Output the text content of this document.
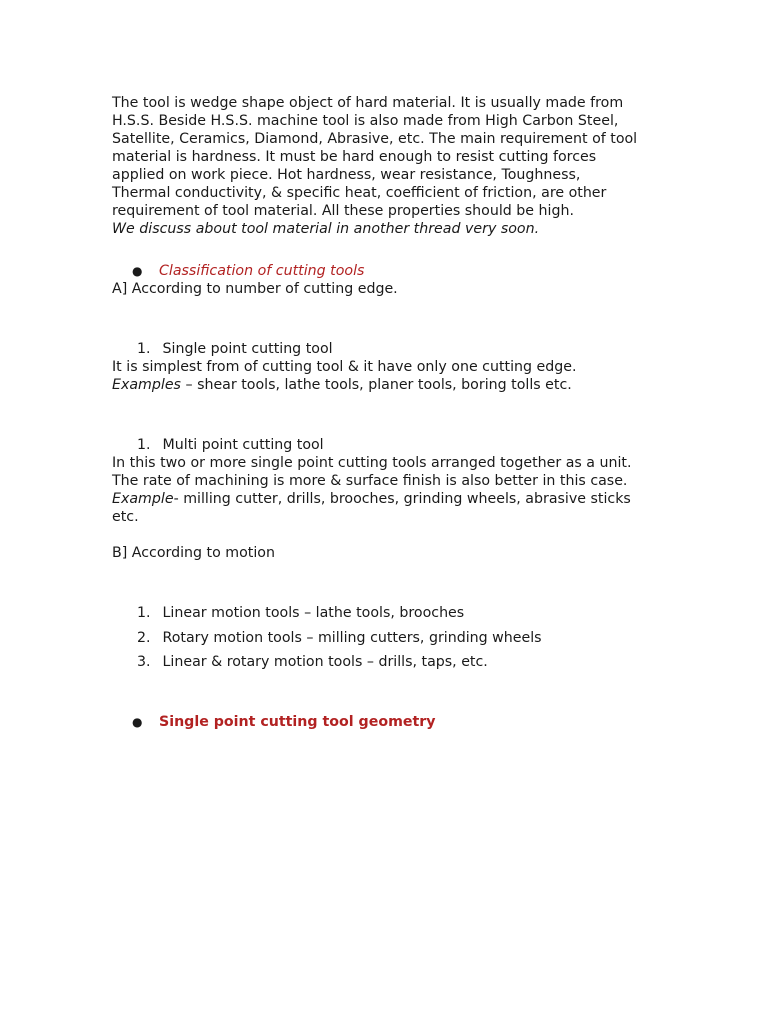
The tool is wedge shape object of hard material. It is usually made from
H.S.S. Beside H.S.S. machine tool is also made from High Carbon Steel,
Satellite, Ceramics, Diamond, Abrasive, etc. The main requirement of tool
material is hardness. It must be hard enough to resist cutting forces
applied on work piece. Hot hardness, wear resistance, Toughness,
Thermal conductivity, & specific heat, coefficient of friction, are other
requirement of tool material. All these properties should be high.
We discuss about tool material in another thread very soon.
● Classification of cutting tools
A] According to number of cutting edge.
1. Single point cutting tool
It is simplest from of cutting tool & it have only one cutting edge.
Examples – shear tools, lathe tools, planer tools, boring tolls etc.
1. Multi point cutting tool
In this two or more single point cutting tools arranged together as a unit.
The rate of machining is more & surface finish is also better in this case.
Example- milling cutter, drills, brooches, grinding wheels, abrasive sticks
etc.
B] According to motion
1. Linear motion tools – lathe tools, brooches
2. Rotary motion tools – milling cutters, grinding wheels
3. Linear & rotary motion tools – drills, taps, etc.
● Single point cutting tool geometry
